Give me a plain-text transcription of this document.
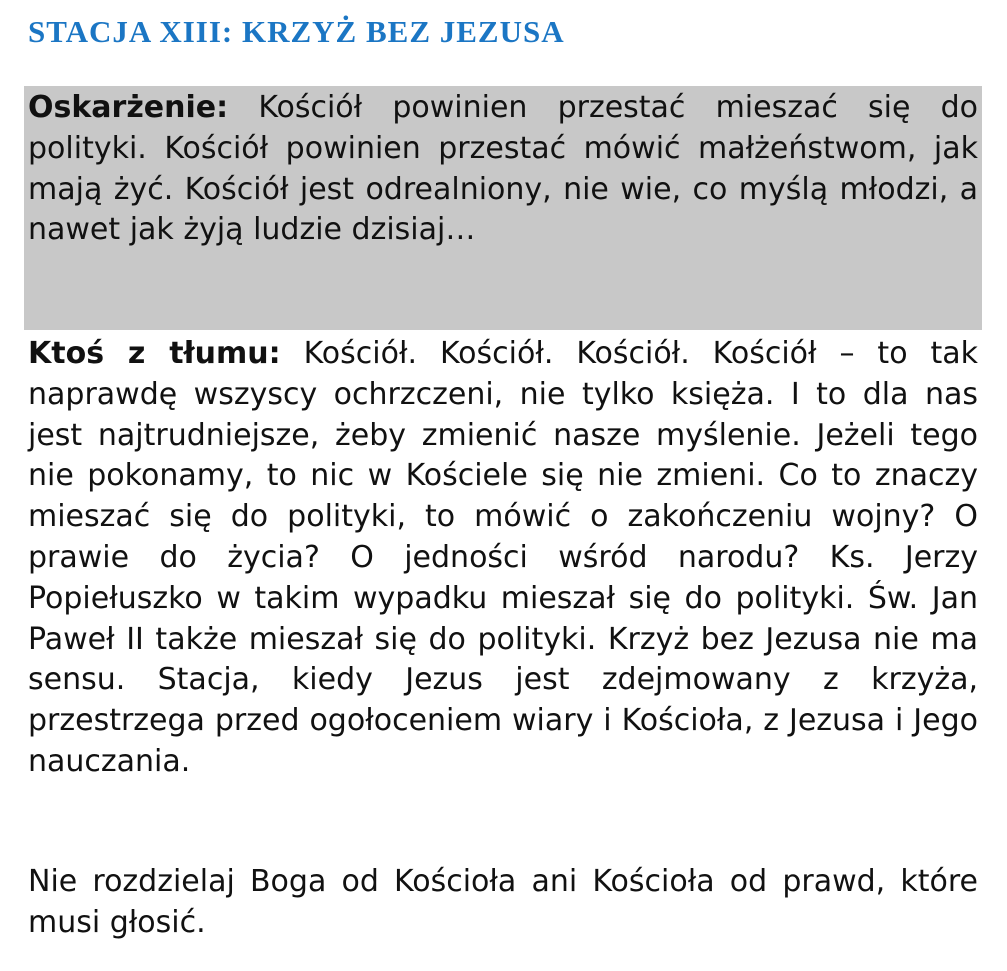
STACJA XIII: KRZYŻ BEZ JEZUSA

Oskarżenie: Kościół powinien przestać mieszać się do polityki. Kościół powinien przestać mówić małżeństwom, jak mają żyć. Kościół jest odrealniony, nie wie, co myślą młodzi, a nawet jak żyją ludzie dzisiaj…

Ktoś z tłumu: Kościół. Kościół. Kościół. Kościół – to tak naprawdę wszyscy ochrzczeni, nie tylko księża. I to dla nas jest najtrudniejsze, żeby zmienić nasze myślenie. Jeżeli tego nie pokonamy, to nic w Kościele się nie zmieni. Co to znaczy mieszać się do polityki, to mówić o zakończeniu wojny? O prawie do życia? O jedności wśród narodu? Ks. Jerzy Popiełuszko w takim wypadku mieszał się do polityki. Św. Jan Paweł II także mieszał się do polityki. Krzyż bez Jezusa nie ma sensu. Stacja, kiedy Jezus jest zdejmowany z krzyża, przestrzega przed ogołoceniem wiary i Kościoła, z Jezusa i Jego nauczania.

Nie rozdzielaj Boga od Kościoła ani Kościoła od prawd, które musi głosić.
